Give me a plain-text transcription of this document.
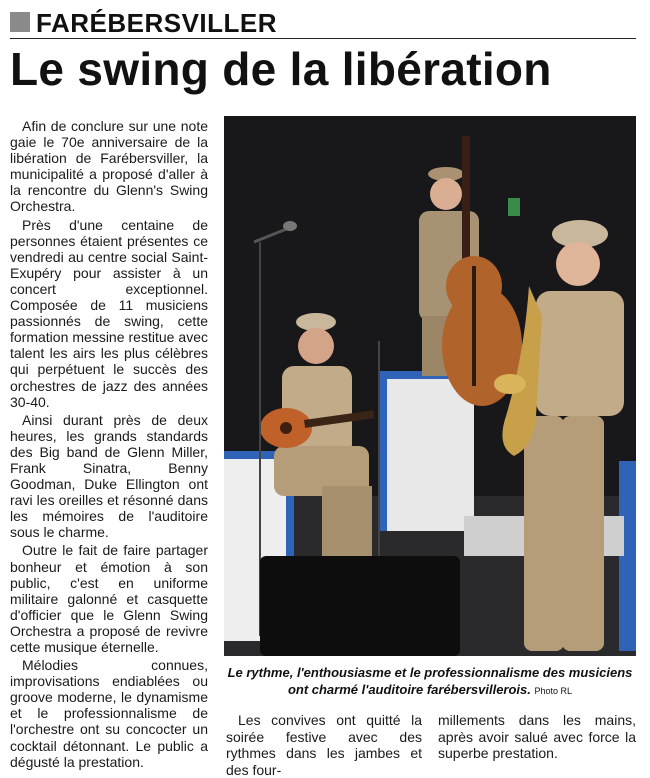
FARÉBERSVILLER
Le swing de la libération

Afin de conclure sur une note gaie le 70e anniversaire de la libération de Farébersviller, la municipalité a proposé d'aller à la rencontre du Glenn's Swing Orchestra.

Près d'une centaine de personnes étaient présentes ce vendredi au centre social Saint-Exupéry pour assister à un concert exceptionnel. Composée de 11 musiciens passionnés de swing, cette formation messine restitue avec talent les airs les plus célèbres qui perpétuent le succès des orchestres de jazz des années 30-40.

Ainsi durant près de deux heures, les grands standards des Big band de Glenn Miller, Frank Sinatra, Benny Goodman, Duke Ellington ont ravi les oreilles et résonné dans les mémoires de l'auditoire sous le charme.

Outre le fait de faire partager bonheur et émotion à son public, c'est en uniforme militaire galonné et casquette d'officier que le Glenn Swing Orchestra a proposé de revivre cette musique éternelle.

Mélodies connues, improvisations endiablées ou groove moderne, le dynamisme et le professionnalisme de l'orchestre ont su concocter un cocktail détonnant. Le public a dégusté la prestation.

Le rythme, l'enthousiasme et le professionnalisme des musiciens ont charmé l'auditoire farébersvillerois. Photo RL

Les convives ont quitté la soirée festive avec des rythmes dans les jambes et des four-

millements dans les mains, après avoir salué avec force la superbe prestation.
